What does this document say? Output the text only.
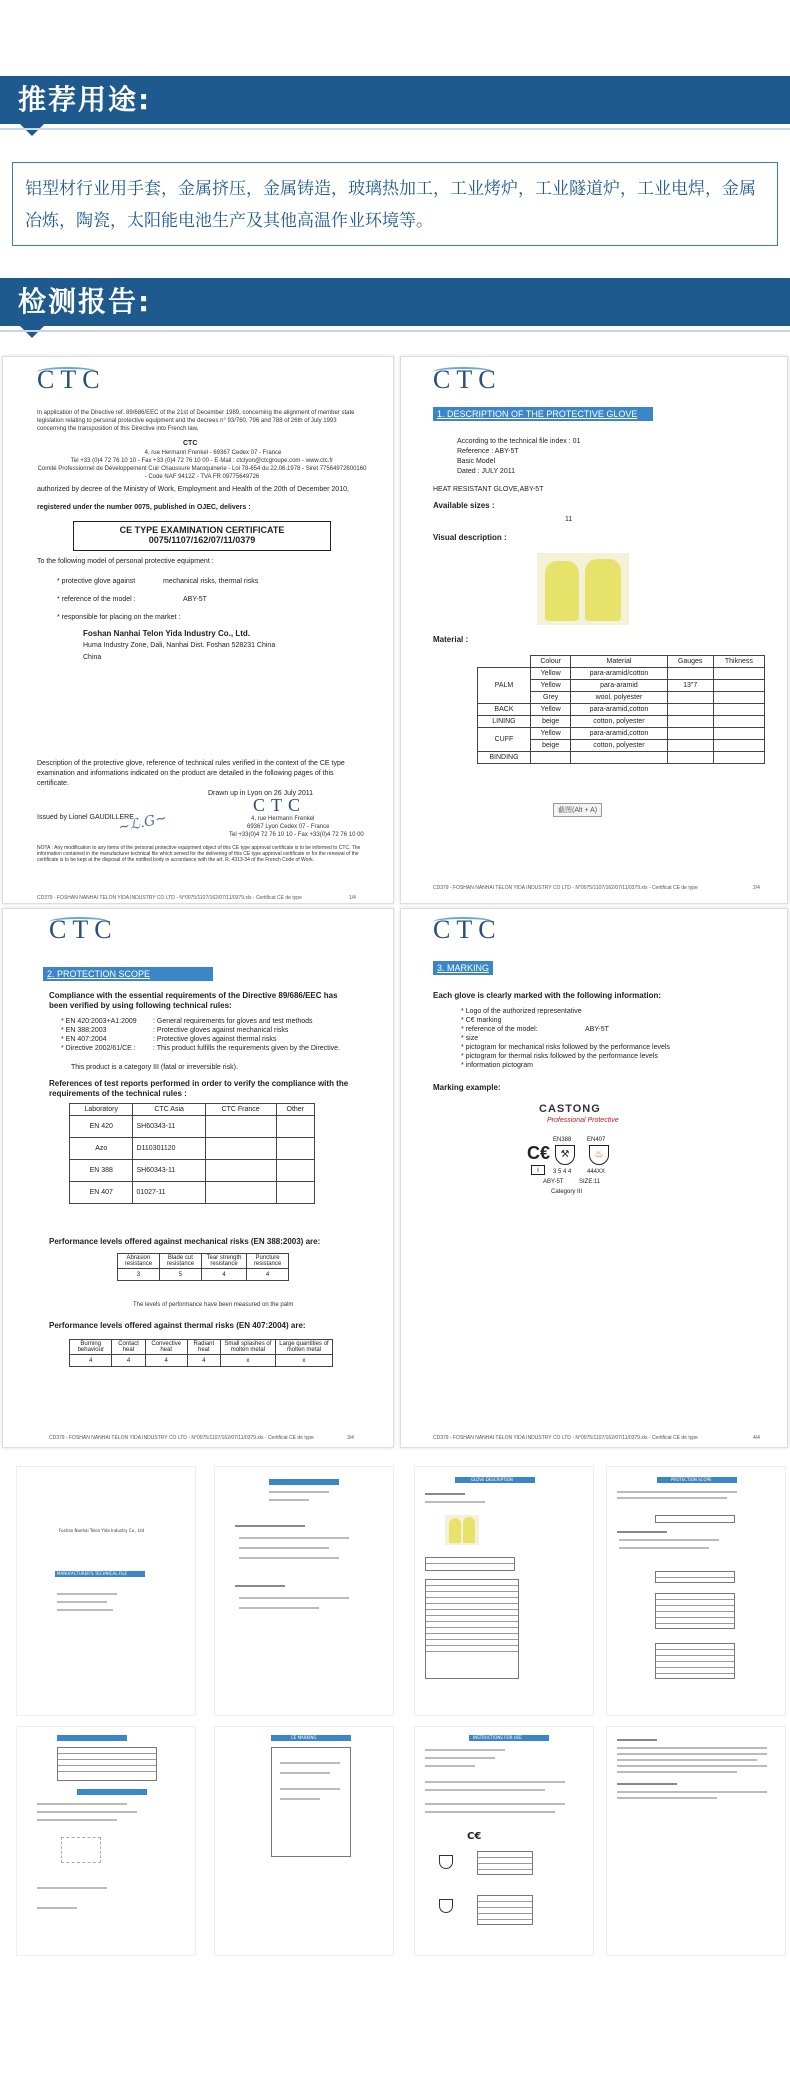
推荐用途:
铝型材行业用手套，金属挤压，金属铸造，玻璃热加工，工业烤炉，工业隧道炉，工业电焊，金属冶炼，陶瓷，太阳能电池生产及其他高温作业环境等。
检测报告:
CTC
In application of the Directive ref. 89/686/EEC of the 21st of December 1989, concerning the alignment of member state legislation relating to personal protective equipment and the decrees n° 93/760, 796 and 788 of 26th of July 1993 concerning the transposition of this Directive into French law,
CTC
4, rue Hermann Frenkel - 69367 Cedex 07 - France
Tel +33 (0)4 72 76 10 10 - Fax +33 (0)4 72 76 10 00 - E-Mail : ctclyon@ctcgroupe.com - www.ctc.fr
Comité Professionnel de Développement Cuir Chaussure Maroquinerie - Loi 78-654 du 22.06.1978 - Siret 77564972600160 - Code NAF 9412Z - TVA FR 09775649726
authorized by decree of the Ministry of Work, Employment and Health of the 20th of December 2010,
registered under the number 0075, published in OJEC, delivers :
CE TYPE EXAMINATION CERTIFICATE
0075/1107/162/07/11/0379
To the following model of personal protective equipment :
* protective glove against	mechanical risks, thermal risks
* reference of the model :	ABY-5T
* responsible for placing on the market :
Foshan Nanhai Telon Yida Industry Co., Ltd.
Huma Industry Zone, Dali, Nanhai Dist. Foshan 528231 China
China
Description of the protective glove, reference of technical rules verified in the context of the CE type examination and informations indicated on the product are detailed in the following pages of this certificate.
Drawn up in Lyon on 26 July 2011
Issued by Lionel GAUDILLERE
CTC
4, rue Hermann Frenkel
69367 Lyon Cedex 07 - France
Tel +33(0)4 72 76 10 10 - Fax +33(0)4 72 76 10 00
~ℒ.G~
NOTA : Any modification to any items of the personal protective equipment object of this CE type approval certificate is to be informed to CTC. The information contained in the manufacturer technical file which served for the delivering of this CE type approval certificate or for the renewal of the certificate is to be kept at the disposal of the notified body in accordance with the art. R. 4313-34 of the French Code of Work.
CD379 - FOSHAN NANHAI TELON YIDA INDUSTRY CO LTD - N°0075/1107/162/07/11/0379.xls - Certificat CE de type	1/4
CTC
1. DESCRIPTION OF THE PROTECTIVE GLOVE
According to the technical file index : 01
Reference : ABY-5T
Basic Model
Dated : JULY 2011
HEAT RESISTANT GLOVE,ABY-5T
Available sizes :
11
Visual description :
Material :
	Colour	Material	Gauges	Thikness
PALM	Yellow	para-aramid/cotton		
	Yellow	para-aramid	13"7	
	Grey	wool, polyester		
BACK	Yellow	para-aramid,cotton		
LINING	beige	cotton, polyester		
CUFF	Yellow	para-aramid,cotton		
	beige	cotton, polyester		
BINDING				
截图(Alt + A)
CD379 - FOSHAN NANHAI TELON YIDA INDUSTRY CO LTD - N°0075/1107/162/07/11/0379.xls - Certificat CE de type	2/4
CTC
2. PROTECTION SCOPE
Compliance with the essential requirements of the Directive 89/686/EEC has been verified by using following technical rules:
* EN 420:2003+A1:2009 : General requirements for gloves and test methods
* EN 388:2003	: Protective gloves against mechanical risks
* EN 407:2004	: Protective gloves against thermal risks
* Directive 2002/61/CE : : This product fulfills the requirements given by the Directive.
This product is a category III (fatal or irreversible risk).
References of test reports performed in order to verify the compliance with the requirements of the technical rules :
Laboratory	CTC Asia	CTC France	Other
EN 420	SH60343-11		
Azo	D110301120		
EN 388	SH60343-11		
EN 407	01027-11		
Performance levels offered against mechanical risks (EN 388:2003) are:
Abrasion resistance	Blade cut resistance	Tear strength resistance	Puncture resistance
3	5	4	4
The levels of performance have been measured on the palm
Performance levels offered against thermal risks (EN 407:2004) are:
Burning behaviour	Contact heat	Convective heat	Radiant heat	Small splashes of molten metal	Large quantities of molten metal
4	4	4	4	x	x
CD379 - FOSHAN NANHAI TELON YIDA INDUSTRY CO LTD - N°0075/1107/162/07/11/0379.xls - Certificat CE de type	3/4
CTC
3. MARKING
Each glove is clearly marked with the following information:
* Logo of the authorized representative
* C€ marking
* reference of the model:	ABY-5T
* size
* pictogram for mechanical risks followed by the performance levels
* pictogram for thermal risks followed by the performance levels
* information pictogram
Marking example:
CASTONG
Professional Protective
C€
i
EN388
⚒
3 5 4 4
EN407
♨
444XX
ABY-5T	SIZE:11
Category III
CD379 - FOSHAN NANHAI TELON YIDA INDUSTRY CO LTD - N°0075/1107/162/07/11/0379.xls - Certificat CE de type	4/4
Foshan Nanhai Telon Yida Industry Co., Ltd
MANUFACTURER'S TECHNICAL FILE
GLOVE DESCRIPTION	PROTECTION SCOPE
CE MARKING	INSTRUCTIONS FOR USE
C€
